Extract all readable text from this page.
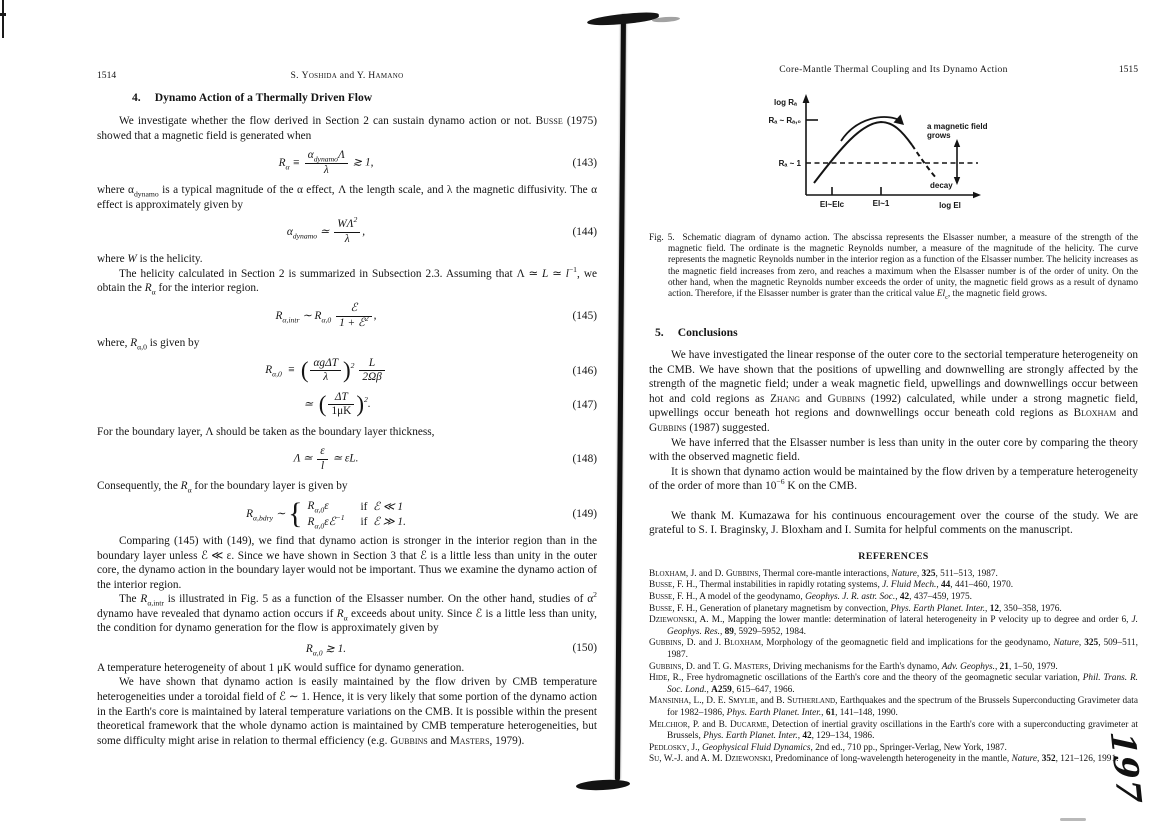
197
1514	S. Yoshida and Y. Hamano
4. Dynamo Action of a Thermally Driven Flow

We investigate whether the flow derived in Section 2 can sustain dynamo action or not. Busse (1975) showed that a magnetic field is generated when

$R_\alpha \equiv \frac{\alpha_{dynamo}\Lambda}{\lambda}$ ≳ 1,	(143)

where $\alpha_{dynamo}$ is a typical magnitude of the α effect, Λ the length scale, and λ the magnetic diffusivity. The α effect is approximately given by

$\alpha_{dynamo}$ ≃ $\frac{W\Lambda^2}{\lambda}$ ,	(144)

where W is the helicity.

The helicity calculated in Section 2 is summarized in Subsection 2.3. Assuming that Λ ≃ L ≃ $l^{-1}$, we obtain the $R_\alpha$ for the interior region.

$R_{\alpha,intr}$ ∼ $R_{\alpha,0} \frac{\text{ℰ}}{1 + ℰ^2}$ ,	(145)

where, $R_{\alpha,0}$ is given by

$R_{\alpha,0}$ ≡ ( $\frac{\text{αgΔT}}{\lambda} )^2 \frac{L}{2\Omega\beta}$	(146)
≃ ( $\frac{\Delta T}{1\mu K} )^2$.	(147)

For the boundary layer, Λ should be taken as the boundary layer thickness,

Λ ≃ $\frac{\varepsilon}{l}$ ≃ εL.	(148)

Consequently, the $R_\alpha$ for the boundary layer is given by

$R_{\alpha,bdry}$ ∼ { $R_{\alpha,0}\varepsilon$	if ℰ ≪ 1
$R_{\alpha,0}\varepsilon ℰ^{-1}$ if ℰ ≫ 1.
(149)

Comparing (145) with (149), we find that dynamo action is stronger in the interior region than in the boundary layer unless ℰ ≪ ε. Since we have shown in Section 3 that ℰ is a little less than unity in the outer core, the dynamo action in the boundary layer would not be important. Thus we examine the dynamo action of the interior region.

The $R_{\alpha,intr}$ is illustrated in Fig. 5 as a function of the Elsasser number. On the other hand, studies of $\alpha^2$ dynamo have revealed that dynamo action occurs if $R_\alpha$ exceeds about unity. Since ℰ is a little less than unity, the condition for dynamo generation for the flow is approximately given by

$R_{\alpha,0}$ ≳ 1.	(150)

A temperature heterogeneity of about 1 μK would suffice for dynamo generation.

We have shown that dynamo action is easily maintained by the flow driven by CMB temperature heterogeneities under a toroidal field of ℰ ∼ 1. Hence, it is very likely that some portion of the dynamo action in the Earth's core is maintained by lateral temperature variations on the CMB. It is possible within the present theoretical framework that the whole dynamo action is maintained by CMB temperature heterogeneities, but some difficulty might arise in relation to thermal efficiency (e.g. Gubbins and Masters, 1979).

Core-Mantle Thermal Coupling and Its Dynamo Action	1515
log Rₐ
Rₐ ~ Rₐ,₀
Rₐ ~ 1
El~Elc	El~1	log El
a magnetic field
grows
decay
Fig. 5. Schematic diagram of dynamo action. The abscissa represents the Elsasser number, a measure of the strength of the magnetic field. The ordinate is the magnetic Reynolds number, a measure of the magnitude of the helicity. The curve represents the magnetic Reynolds number in the interior region as a function of the Elsasser number. The helicity increases as the magnetic field increases from zero, and reaches a maximum when the Elsasser number is of the order of unity. On the other hand, when the magnetic Reynolds number exceeds the order of unity, the magnetic field grows as a result of dynamo action. Therefore, if the Elsasser number is grater than the critical value $El_c$, the magnetic field grows.
5. Conclusions

We have investigated the linear response of the outer core to the sectorial temperature heterogeneity on the CMB. We have shown that the positions of upwelling and downwelling are strongly affected by the strength of the magnetic field; under a weak magnetic field, upwellings and downwellings occur between hot and cold regions as Zhang and Gubbins (1992) calculated, while under a strong magnetic field, upwellings occur beneath hot regions and downwellings occur beneath cold regions as Bloxham and Gubbins (1987) suggested.

We have inferred that the Elsasser number is less than unity in the outer core by comparing the theory with the observed magnetic field.

It is shown that dynamo action would be maintained by the flow driven by a temperature heterogeneity of the order of more than $10^{-6}$ K on the CMB.

We thank M. Kumazawa for his continuous encouragement over the course of the study. We are grateful to S. I. Braginsky, J. Bloxham and I. Sumita for helpful comments on the manuscript.

REFERENCES

Bloxham, J. and D. Gubbins, Thermal core-mantle interactions, Nature, 325, 511–513, 1987.

Busse, F. H., Thermal instabilities in rapidly rotating systems, J. Fluid Mech., 44, 441–460, 1970.

Busse, F. H., A model of the geodynamo, Geophys. J. R. astr. Soc., 42, 437–459, 1975.

Busse, F. H., Generation of planetary magnetism by convection, Phys. Earth Planet. Inter., 12, 350–358, 1976.

Dziewonski, A. M., Mapping the lower mantle: determination of lateral heterogeneity in P velocity up to degree and order 6, J. Geophys. Res., 89, 5929–5952, 1984.

Gubbins, D. and J. Bloxham, Morphology of the geomagnetic field and implications for the geodynamo, Nature, 325, 509–511, 1987.

Gubbins, D. and T. G. Masters, Driving mechanisms for the Earth's dynamo, Adv. Geophys., 21, 1–50, 1979.

Hide, R., Free hydromagnetic oscillations of the Earth's core and the theory of the geomagnetic secular variation, Phil. Trans. R. Soc. Lond., A259, 615–647, 1966.

Mansinha, L., D. E. Smylie, and B. Sutherland, Earthquakes and the spectrum of the Brussels Superconducting Gravimeter data for 1982–1986, Phys. Earth Planet. Inter., 61, 141–148, 1990.

Melchior, P. and B. Ducarme, Detection of inertial gravity oscillations in the Earth's core with a superconducting gravimeter at Brussels, Phys. Earth Planet. Inter., 42, 129–134, 1986.

Pedlosky, J., Geophysical Fluid Dynamics, 2nd ed., 710 pp., Springer-Verlag, New York, 1987.

Su, W.-J. and A. M. Dziewonski, Predominance of long-wavelength heterogeneity in the mantle, Nature, 352, 121–126, 1991.
